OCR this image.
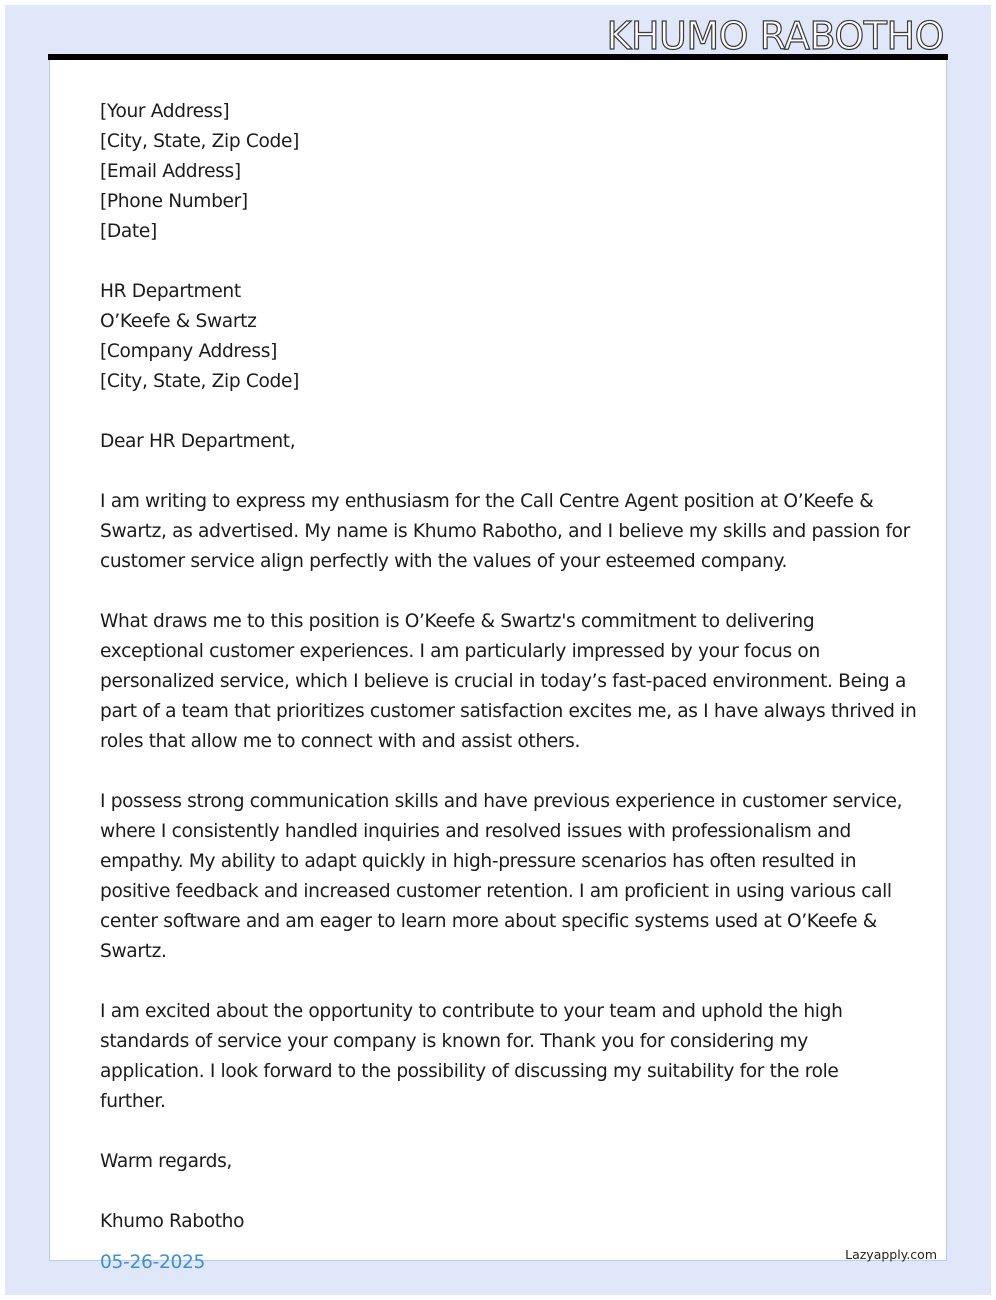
KHUMO RABOTHO
[Your Address]
[City, State, Zip Code]
[Email Address]
[Phone Number]
[Date]
HR Department
O’Keefe & Swartz
[Company Address]
[City, State, Zip Code]
Dear HR Department,

I am writing to express my enthusiasm for the Call Centre Agent position at O’Keefe &
Swartz, as advertised. My name is Khumo Rabotho, and I believe my skills and passion for
customer service align perfectly with the values of your esteemed company.

What draws me to this position is O’Keefe & Swartz's commitment to delivering
exceptional customer experiences. I am particularly impressed by your focus on
personalized service, which I believe is crucial in today’s fast-paced environment. Being a
part of a team that prioritizes customer satisfaction excites me, as I have always thrived in
roles that allow me to connect with and assist others.

I possess strong communication skills and have previous experience in customer service,
where I consistently handled inquiries and resolved issues with professionalism and
empathy. My ability to adapt quickly in high-pressure scenarios has often resulted in
positive feedback and increased customer retention. I am proficient in using various call
center software and am eager to learn more about specific systems used at O’Keefe &
Swartz.

I am excited about the opportunity to contribute to your team and uphold the high
standards of service your company is known for. Thank you for considering my
application. I look forward to the possibility of discussing my suitability for the role
further.

Warm regards,
Khumo Rabotho
05-26-2025	Lazyapply.com
